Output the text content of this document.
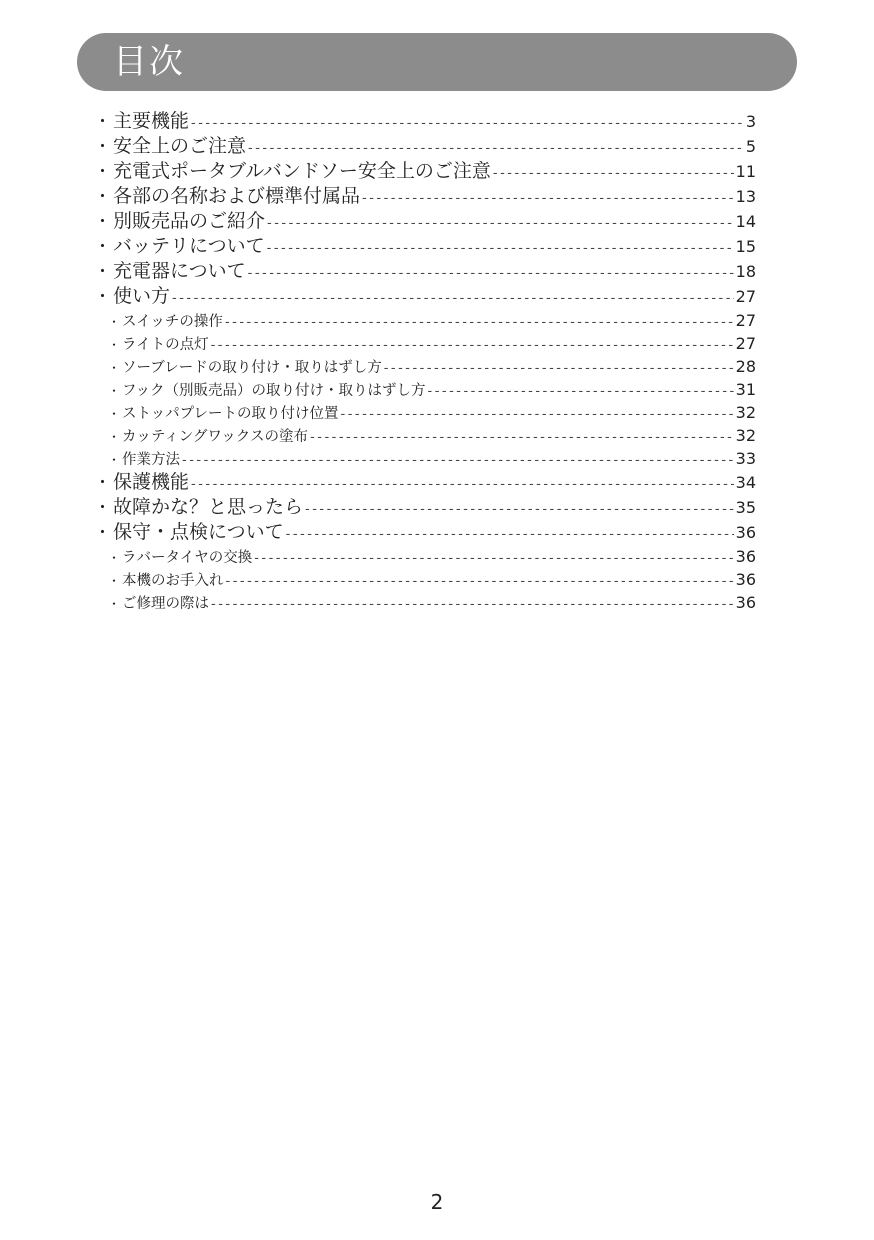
目次
・ 主要機能 -----	3
・ 安全上のご注意 -----	5
・ 充電式ポータブルバンドソー安全上のご注意 -----	11
・ 各部の名称および標準付属品 -----	13
・ 別販売品のご紹介 -----	14
・ バッテリについて -----	15
・ 充電器について -----	18
・ 使い方 -----	27
・ スイッチの操作 -----	27
・ ライトの点灯 -----	27
・ ソーブレードの取り付け・取りはずし方 -----	28
・ フック（別販売品）の取り付け・取りはずし方 -----	31
・ ストッパプレートの取り付け位置 -----	32
・ カッティングワックスの塗布 -----	32
・ 作業方法 -----	33
・ 保護機能 -----	34
・ 故障かな？と思ったら -----	35
・ 保守・点検について -----	36
・ ラバータイヤの交換 -----	36
・ 本機のお手入れ -----	36
・ ご修理の際は -----	36
2
